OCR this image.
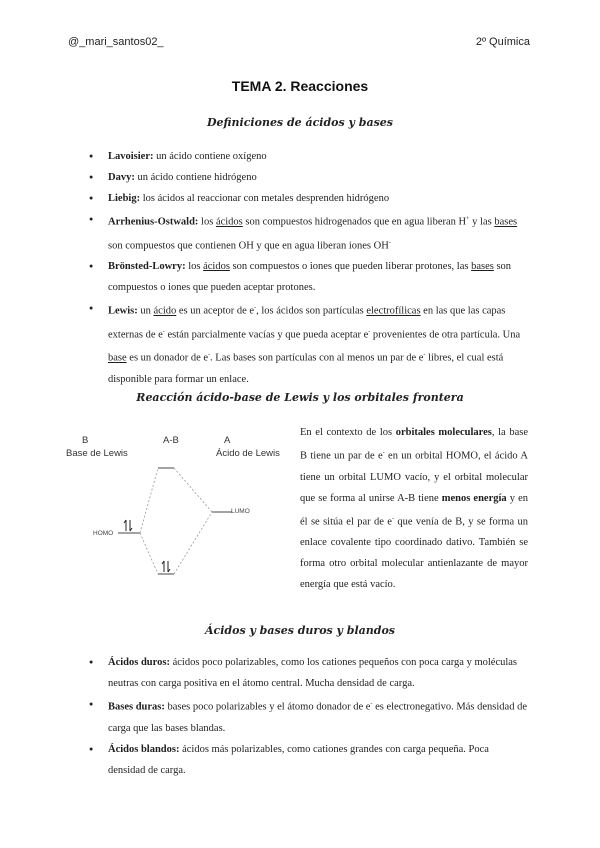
@_mari_santos02_	2º Química
TEMA 2. Reacciones
Definiciones de ácidos y bases
● Lavoisier: un ácido contiene oxígeno
● Davy: un ácido contiene hidrógeno
● Liebig: los ácidos al reaccionar con metales desprenden hidrógeno
● Arrhenius-Ostwald: los ácidos son compuestos hidrogenados que en agua liberan H+ y las bases son compuestos que contienen OH y que en agua liberan iones OH-
● Brönsted-Lowry: los ácidos son compuestos o iones que pueden liberar protones, las bases son compuestos o iones que pueden aceptar protones.
● Lewis: un ácido es un aceptor de e-, los ácidos son partículas electrofílicas en las que las capas externas de e- están parcialmente vacías y que pueda aceptar e- provenientes de otra partícula. Una base es un donador de e-. Las bases son partículas con al menos un par de e- libres, el cual está disponible para formar un enlace.
Reacción ácido-base de Lewis y los orbitales frontera
B
Base de Lewis
A-B	A
Ácido de Lewis
HOMO
LUMO

En el contexto de los orbitales moleculares, la base B tiene un par de e- en un orbital HOMO, el ácido A tiene un orbital LUMO vacío, y el orbital molecular que se forma al unirse A-B tiene menos energía y en él se sitúa el par de e- que venía de B, y se forma un enlace covalente tipo coordinado dativo. También se forma otro orbital molecular antienlazante de mayor energía que está vacío.

Ácidos y bases duros y blandos
● Ácidos duros: ácidos poco polarizables, como los cationes pequeños con poca carga y moléculas neutras con carga positiva en el átomo central. Mucha densidad de carga.
● Bases duras: bases poco polarizables y el átomo donador de e- es electronegativo. Más densidad de carga que las bases blandas.
● Ácidos blandos: ácidos más polarizables, como cationes grandes con carga pequeña. Poca densidad de carga.
